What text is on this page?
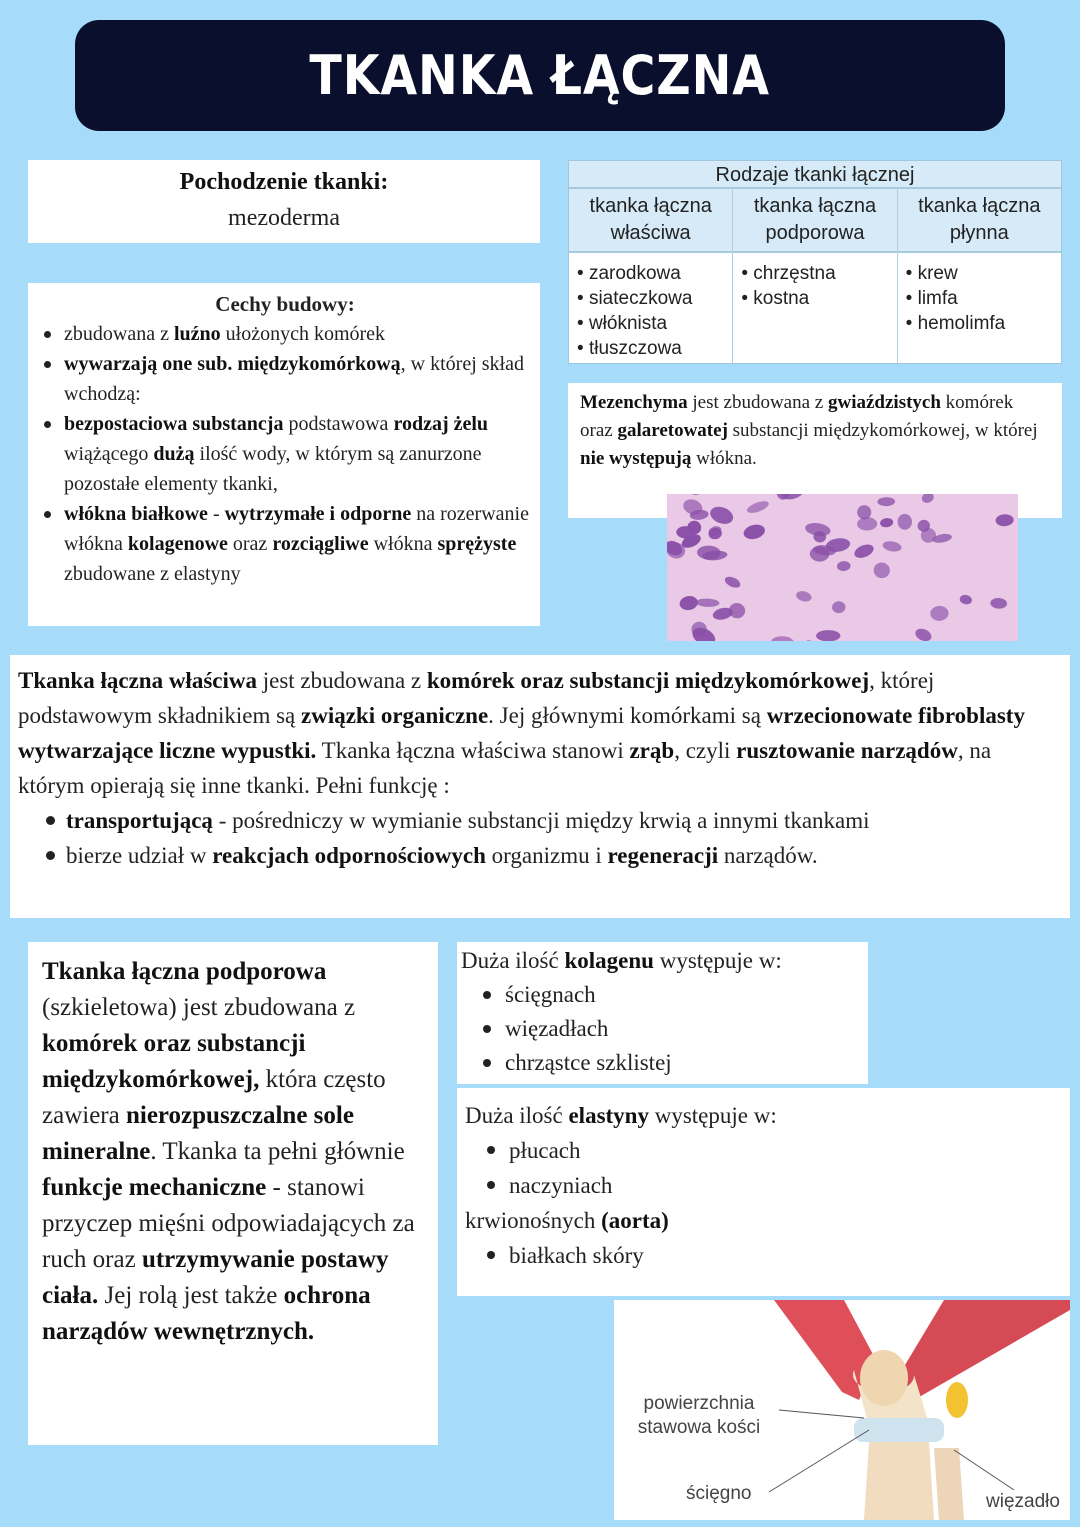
TKANKA ŁĄCZNA
Pochodzenie tkanki:
mezoderma
Cechy budowy:
zbudowana z luźno ułożonych komórek
wywarzają one sub. międzykomórkową, w której skład wchodzą:
bezpostaciowa substancja podstawowa rodzaj żelu wiążącego dużą ilość wody, w którym są zanurzone pozostałe elementy tkanki,
włókna białkowe - wytrzymałe i odporne na rozerwanie włókna kolagenowe oraz rozciągliwe włókna sprężyste zbudowane z elastyny
Rodzaje tkanki łącznej
tkanka łączna właściwa
• zarodkowa
• siateczkowa
• włóknista
• tłuszczowa
tkanka łączna podporowa
• chrzęstna
• kostna
tkanka łączna płynna
• krew
• limfa
• hemolimfa

Mezenchyma jest zbudowana z gwiaździstych komórek oraz galaretowatej substancji międzykomórkowej, w której nie występują włókna.

Tkanka łączna właściwa jest zbudowana z komórek oraz substancji międzykomórkowej, której podstawowym składnikiem są związki organiczne. Jej głównymi komórkami są wrzecionowate fibroblasty wytwarzające liczne wypustki. Tkanka łączna właściwa stanowi zrąb, czyli rusztowanie narządów, na którym opierają się inne tkanki. Pełni funkcję :

transportującą - pośredniczy w wymianie substancji między krwią a innymi tkankami
bierze udział w reakcjach odpornościowych organizmu i regeneracji narządów.

Tkanka łączna podporowa (szkieletowa) jest zbudowana z komórek oraz substancji międzykomórkowej, która często zawiera nierozpuszczalne sole mineralne. Tkanka ta pełni głównie funkcje mechaniczne - stanowi przyczep mięśni odpowiadających za ruch oraz utrzymywanie postawy ciała. Jej rolą jest także ochrona narządów wewnętrznych.

Duża ilość kolagenu występuje w:

ścięgnach
więzadłach
chrząstce szklistej

Duża ilość elastyny występuje w:

płucach
naczyniach

krwionośnych (aorta)

białkach skóry
powierzchnia stawowa kości
ścięgno	więzadło
